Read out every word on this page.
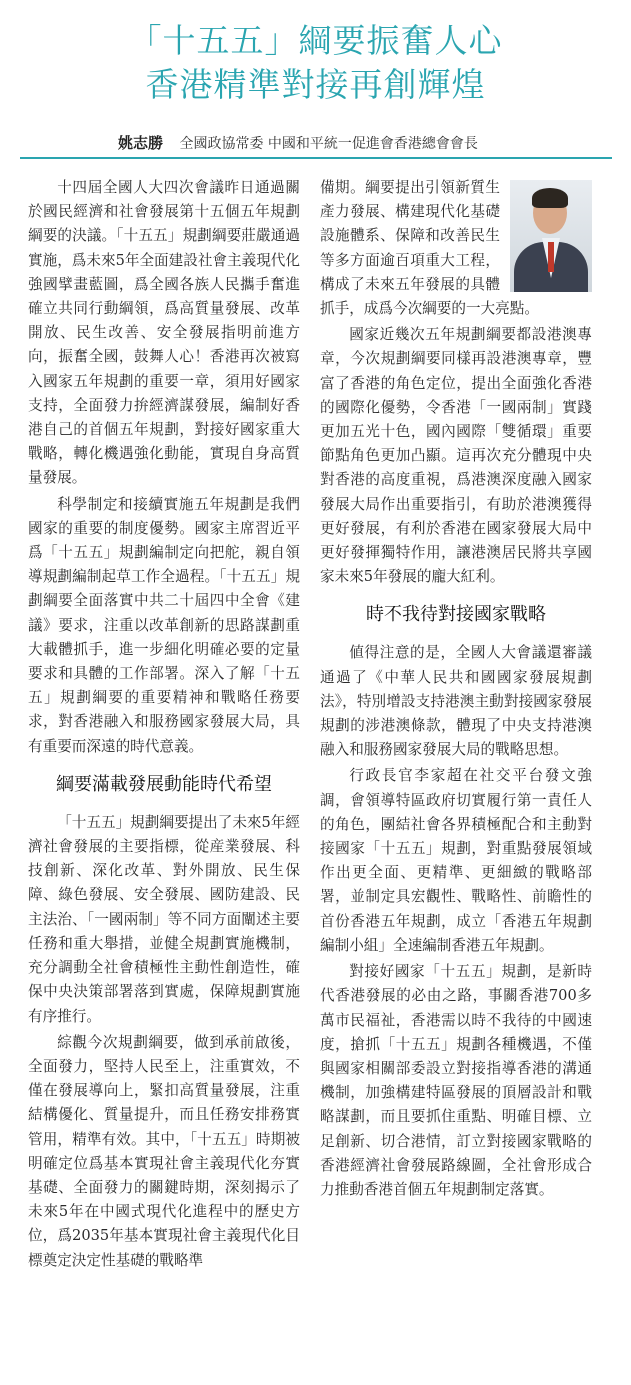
「十五五」綱要振奮人心
香港精準對接再創輝煌
姚志勝 全國政協常委 中國和平統一促進會香港總會會長

十四屆全國人大四次會議昨日通過關於國民經濟和社會發展第十五個五年規劃綱要的決議。「十五五」規劃綱要莊嚴通過實施，爲未來5年全面建設社會主義現代化強國擘畫藍圖，爲全國各族人民攜手奮進確立共同行動綱領，爲高質量發展、改革開放、民生改善、安全發展指明前進方向，振奮全國，鼓舞人心！香港再次被寫入國家五年規劃的重要一章，須用好國家支持，全面發力拚經濟謀發展，編制好香港自己的首個五年規劃，對接好國家重大戰略，轉化機遇強化動能，實現自身高質量發展。

科學制定和接續實施五年規劃是我們國家的重要的制度優勢。國家主席習近平爲「十五五」規劃編制定向把舵，親自領導規劃編制起草工作全過程。「十五五」規劃綱要全面落實中共二十屆四中全會《建議》要求，注重以改革創新的思路謀劃重大載體抓手，進一步細化明確必要的定量要求和具體的工作部署。深入了解「十五五」規劃綱要的重要精神和戰略任務要求，對香港融入和服務國家發展大局，具有重要而深遠的時代意義。

綱要滿載發展動能時代希望

「十五五」規劃綱要提出了未來5年經濟社會發展的主要指標，從産業發展、科技創新、深化改革、對外開放、民生保障、綠色發展、安全發展、國防建設、民主法治、「一國兩制」等不同方面闡述主要任務和重大舉措，並健全規劃實施機制，充分調動全社會積極性主動性創造性，確保中央決策部署落到實處，保障規劃實施有序推行。

綜觀今次規劃綱要，做到承前啟後，全面發力，堅持人民至上，注重實效，不僅在發展導向上，緊扣高質量發展，注重結構優化、質量提升，而且任務安排務實管用，精準有效。其中，「十五五」時期被明確定位爲基本實現社會主義現代化夯實基礎、全面發力的關鍵時期，深刻揭示了未來5年在中國式現代化進程中的歷史方位，爲2035年基本實現社會主義現代化目標奠定決定性基礎的戰略準

備期。綱要提出引領新質生產力發展、構建現代化基礎設施體系、保障和改善民生等多方面逾百項重大工程，構成了未來五年發展的具體抓手，成爲今次綱要的一大亮點。

國家近幾次五年規劃綱要都設港澳專章，今次規劃綱要同樣再設港澳專章，豐富了香港的角色定位，提出全面強化香港的國際化優勢，令香港「一國兩制」實踐更加五光十色，國內國際「雙循環」重要節點角色更加凸顯。這再次充分體現中央對香港的高度重視，爲港澳深度融入國家發展大局作出重要指引，有助於港澳獲得更好發展，有利於香港在國家發展大局中更好發揮獨特作用，讓港澳居民將共享國家未來5年發展的龐大紅利。

時不我待對接國家戰略

値得注意的是，全國人大會議還審議通過了《中華人民共和國國家發展規劃法》，特別增設支持港澳主動對接國家發展規劃的涉港澳條款，體現了中央支持港澳融入和服務國家發展大局的戰略思想。

行政長官李家超在社交平台發文強調，會領導特區政府切實履行第一責任人的角色，團結社會各界積極配合和主動對接國家「十五五」規劃，對重點發展領域作出更全面、更精準、更細緻的戰略部署，並制定具宏觀性、戰略性、前瞻性的首份香港五年規劃，成立「香港五年規劃編制小組」全速編制香港五年規劃。

對接好國家「十五五」規劃，是新時代香港發展的必由之路，事關香港700多萬市民福祉，香港需以時不我待的中國速度，搶抓「十五五」規劃各種機遇，不僅與國家相關部委設立對接指導香港的溝通機制，加強構建特區發展的頂層設計和戰略謀劃，而且要抓住重點、明確目標、立足創新、切合港情，訂立對接國家戰略的香港經濟社會發展路線圖，全社會形成合力推動香港首個五年規劃制定落實。
